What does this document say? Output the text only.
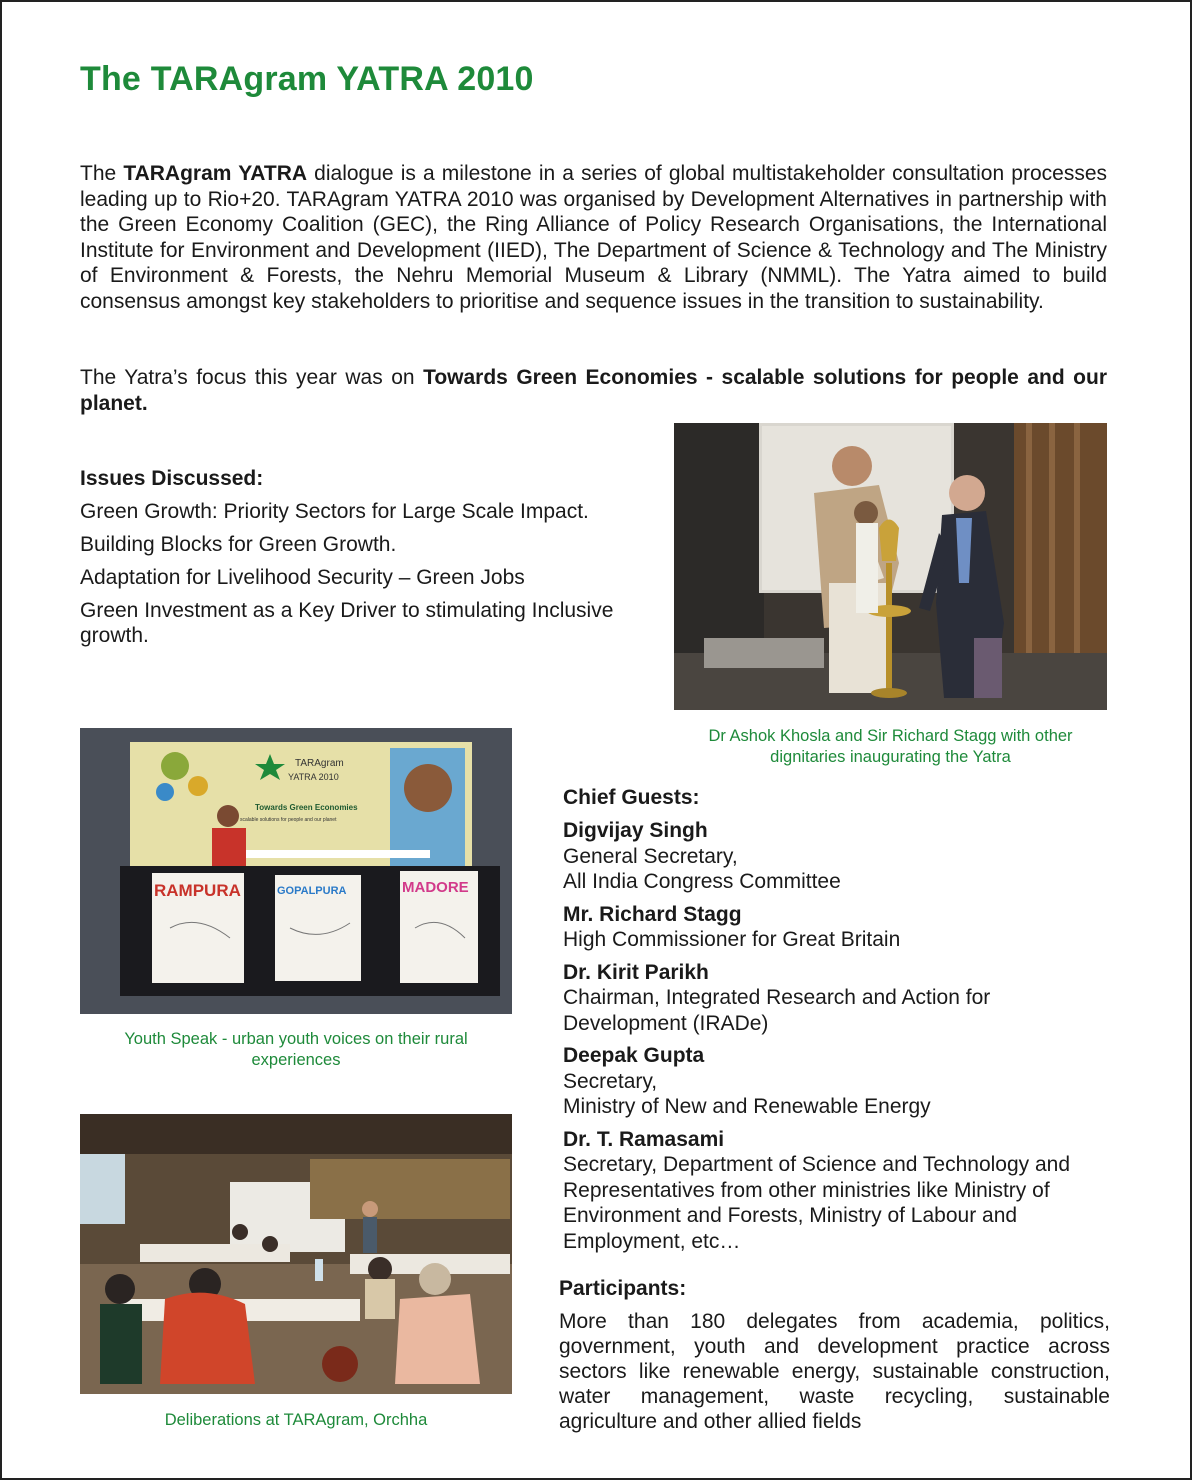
The TARAgram YATRA 2010

The TARAgram YATRA dialogue is a milestone in a series of global multistakeholder consultation processes leading up to Rio+20. TARAgram YATRA 2010 was organised by Development Alternatives in partnership with the Green Economy Coalition (GEC), the Ring Alliance of Policy Research Organisations, the International Institute for Environment and Development (IIED), The Department of Science & Technology and The Ministry of Environment & Forests, the Nehru Memorial Museum & Library (NMML). The Yatra aimed to build consensus amongst key stakeholders to prioritise and sequence issues in the transition to sustainability.

The Yatra’s focus this year was on Towards Green Economies - scalable solutions for people and our planet.

Issues Discussed:
Green Growth: Priority Sectors for Large Scale Impact.
Building Blocks for Green Growth.
Adaptation for Livelihood Security – Green Jobs
Green Investment as a Key Driver to stimulating Inclusive growth.

Dr Ashok Khosla and Sir Richard Stagg with other dignitaries inaugurating the Yatra

TARAgram
YATRA 2010
Towards Green Economies
scalable solutions for people and our planet
RAMPURA	GOPALPURA	MADORE

Youth Speak - urban youth voices on their rural experiences

Deliberations at TARAgram, Orchha

Chief Guests:
Digvijay Singh
General Secretary,
All India Congress Committee
Mr. Richard Stagg
High Commissioner for Great Britain
Dr. Kirit Parikh
Chairman, Integrated Research and Action for Development (IRADe)
Deepak Gupta
Secretary,
Ministry of New and Renewable Energy
Dr. T. Ramasami
Secretary, Department of Science and Technology and Representatives from other ministries like Ministry of Environment and Forests, Ministry of Labour and Employment, etc…
Participants:

More than 180 delegates from academia, politics, government, youth and development practice across sectors like renewable energy, sustainable construction, water management, waste recycling, sustainable agriculture and other allied fields
